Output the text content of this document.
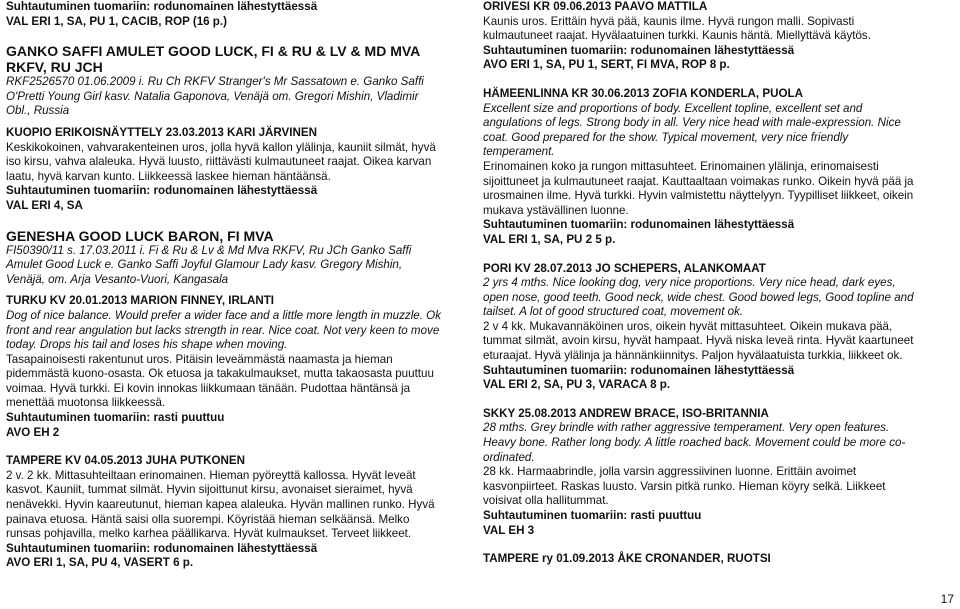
Suhtautuminen tuomariin: rodunomainen lähestyttäessä
VAL ERI 1, SA, PU 1, CACIB, ROP (16 p.)
GANKO SAFFI AMULET GOOD LUCK, FI & RU & LV & MD MVA
RKFV, RU JCH
RKF2526570 01.06.2009 i. Ru Ch RKFV Stranger's Mr Sassatown e. Ganko Saffi
O'Pretti Young Girl kasv. Natalia Gaponova, Venäjä om. Gregori Mishin, Vladimir
Obl., Russia
KUOPIO ERIKOISNÄYTTELY 23.03.2013 KARI JÄRVINEN
Keskikokoinen, vahvarakenteinen uros, jolla hyvä kallon ylälinja, kauniit silmät, hyvä
iso kirsu, vahva alaleuka. Hyvä luusto, riittävästi kulmautuneet raajat. Oikea karvan
laatu, hyvä karvan kunto. Liikkeessä laskee hieman häntäänsä.
Suhtautuminen tuomariin: rodunomainen lähestyttäessä
VAL ERI 4, SA
GENESHA GOOD LUCK BARON, FI MVA
FI50390/11 s. 17.03.2011 i. Fi & Ru & Lv & Md Mva RKFV, Ru JCh Ganko Saffi
Amulet Good Luck e. Ganko Saffi Joyful Glamour Lady kasv. Gregory Mishin,
Venäjä, om. Arja Vesanto-Vuori, Kangasala
TURKU KV 20.01.2013 MARION FINNEY, IRLANTI
Dog of nice balance. Would prefer a wider face and a little more length in muzzle. Ok
front and rear angulation but lacks strength in rear. Nice coat. Not very keen to move
today. Drops his tail and loses his shape when moving.
Tasapainoisesti rakentunut uros. Pitäisin leveämmästä naamasta ja hieman
pidemmästä kuono-osasta. Ok etuosa ja takakulmaukset, mutta takaosasta puuttuu
voimaa. Hyvä turkki. Ei kovin innokas liikkumaan tänään. Pudottaa häntänsä ja
menettää muotonsa liikkeessä.
Suhtautuminen tuomariin: rasti puuttuu
AVO EH 2
TAMPERE KV 04.05.2013 JUHA PUTKONEN
2 v. 2 kk. Mittasuhteiltaan erinomainen. Hieman pyöreyttä kallossa. Hyvät leveät
kasvot. Kauniit, tummat silmät. Hyvin sijoittunut kirsu, avonaiset sieraimet, hyvä
nenävekki. Hyvin kaareutunut, hieman kapea alaleuka. Hyvän mallinen runko. Hyvä
painava etuosa. Häntä saisi olla suorempi. Köyristää hieman selkäänsä. Melko
runsas pohjavilla, melko karhea päällikarva. Hyvät kulmaukset. Terveet liikkeet.
Suhtautuminen tuomariin: rodunomainen lähestyttäessä
AVO ERI 1, SA, PU 4, VASERT 6 p.
ORIVESI KR 09.06.2013 PAAVO MATTILA
Kaunis uros. Erittäin hyvä pää, kaunis ilme. Hyvä rungon malli. Sopivasti
kulmautuneet raajat. Hyvälaatuinen turkki. Kaunis häntä. Miellyttävä käytös.
Suhtautuminen tuomariin: rodunomainen lähestyttäessä
AVO ERI 1, SA, PU 1, SERT, FI MVA, ROP 8 p.
HÄMEENLINNA KR 30.06.2013 ZOFIA KONDERLA, PUOLA
Excellent size and proportions of body. Excellent topline, excellent set and
angulations of legs. Strong body in all. Very nice head with male-expression. Nice
coat. Good prepared for the show. Typical movement, very nice friendly
temperament.
Erinomainen koko ja rungon mittasuhteet. Erinomainen ylälinja, erinomaisesti
sijoittuneet ja kulmautuneet raajat. Kauttaaltaan voimakas runko. Oikein hyvä pää ja
urosmainen ilme. Hyvä turkki. Hyvin valmistettu näyttelyyn. Tyypilliset liikkeet, oikein
mukava ystävällinen luonne.
Suhtautuminen tuomariin: rodunomainen lähestyttäessä
VAL ERI 1, SA, PU 2 5 p.
PORI KV 28.07.2013 JO SCHEPERS, ALANKOMAAT
2 yrs 4 mths. Nice looking dog, very nice proportions. Very nice head, dark eyes,
open nose, good teeth. Good neck, wide chest. Good bowed legs, Good topline and
tailset. A lot of good structured coat, movement ok.
2 v 4 kk. Mukavannäköinen uros, oikein hyvät mittasuhteet. Oikein mukava pää,
tummat silmät, avoin kirsu, hyvät hampaat. Hyvä niska leveä rinta. Hyvät kaartuneet
eturaajat. Hyvä ylälinja ja hännänkiinnitys. Paljon hyvälaatuista turkkia, liikkeet ok.
Suhtautuminen tuomariin: rodunomainen lähestyttäessä
VAL ERI 2, SA, PU 3, VARACA 8 p.
SKKY 25.08.2013 ANDREW BRACE, ISO-BRITANNIA
28 mths. Grey brindle with rather aggressive temperament. Very open features.
Heavy bone. Rather long body. A little roached back. Movement could be more co-
ordinated.
28 kk. Harmaabrindle, jolla varsin aggressiivinen luonne. Erittäin avoimet
kasvonpiirteet. Raskas luusto. Varsin pitkä runko. Hieman köyry selkä. Liikkeet
voisivat olla hallitummat.
Suhtautuminen tuomariin: rasti puuttuu
VAL EH 3
TAMPERE ry 01.09.2013 ÅKE CRONANDER, RUOTSI
17
